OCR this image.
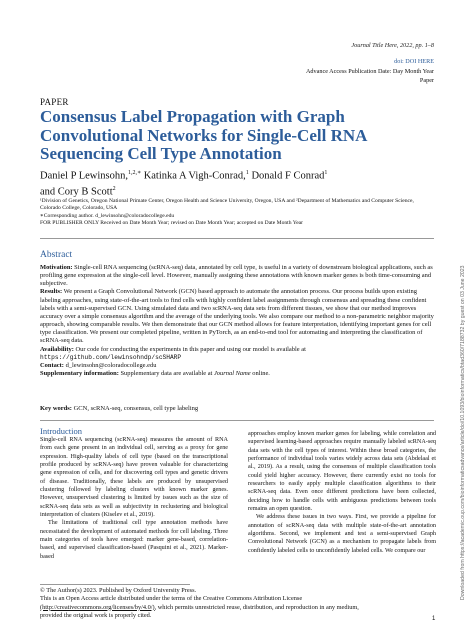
Journal Title Here, 2022, pp. 1–8
doi: DOI HERE
Advance Access Publication Date: Day Month Year
Paper
PAPER
Consensus Label Propagation with Graph Convolutional Networks for Single-Cell RNA Sequencing Cell Type Annotation
Daniel P Lewinsohn,$^{1,2,∗}$ Katinka A Vigh-Conrad,$^1$ Donald F Conrad$^1$
and Cory B Scott$^2$

¹Division of Genetics, Oregon National Primate Center, Oregon Health and Science University, Oregon, USA and ²Department of Mathematics and Computer Science, Colorado College, Colorado, USA

∗Corresponding author. d_lewinsohn@coloradocollege.edu

FOR PUBLISHER ONLY Received on Date Month Year; revised on Date Month Year; accepted on Date Month Year

Abstract

Motivation: Single-cell RNA sequencing (scRNA-seq) data, annotated by cell type, is useful in a variety of downstream biological applications, such as profiling gene expression at the single-cell level. However, manually assigning these annotations with known marker genes is both time-consuming and subjective.

Results: We present a Graph Convolutional Network (GCN) based approach to automate the annotation process. Our process builds upon existing labeling approaches, using state-of-the-art tools to find cells with highly confident label assignments through consensus and spreading these confident labels with a semi-supervised GCN. Using simulated data and two scRNA-seq data sets from different tissues, we show that our method improves accuracy over a simple consensus algorithm and the average of the underlying tools. We also compare our method to a non-parametric neighbor majority approach, showing comparable results. We then demonstrate that our GCN method allows for feature interpretation, identifying important genes for cell type classification. We present our completed pipeline, written in PyTorch, as an end-to-end tool for automating and interpreting the classification of scRNA-seq data.

Availability: Our code for conducting the experiments in this paper and using our model is available at https://github.com/lewinsohndp/scSHARP

Contact: d_lewinsohn@coloradocollege.edu

Supplementary information: Supplementary data are available at Journal Name online.

Key words: GCN, scRNA-seq, consensus, cell type labeling

Introduction

Single-cell RNA sequencing (scRNA-seq) measures the amount of RNA from each gene present in an individual cell, serving as a proxy for gene expression. High-quality labels of cell type (based on the transcriptional profile produced by scRNA-seq) have proven valuable for characterizing gene expression of cells, and for discovering cell types and genetic drivers of disease. Traditionally, these labels are produced by unsupervised clustering followed by labeling clusters with known marker genes. However, unsupervised clustering is limited by issues such as the size of scRNA-seq data sets as well as subjectivity in reclustering and biological interpretation of clusters (Kiselev et al., 2019).

The limitations of traditional cell type annotation methods have necessitated the development of automated methods for cell labeling. Three main categories of tools have emerged: marker gene-based, correlation-based, and supervised classification-based (Pasquini et al., 2021). Marker-based

approaches employ known marker genes for labeling, while correlation and supervised learning-based approaches require manually labeled scRNA-seq data sets with the cell types of interest. Within these broad categories, the performance of individual tools varies widely across data sets (Abdelaal et al., 2019). As a result, using the consensus of multiple classification tools could yield higher accuracy. However, there currently exist no tools for researchers to easily apply multiple classification algorithms to their scRNA-seq data. Even once different predictions have been collected, deciding how to handle cells with ambiguous predictions between tools remains an open question.

We address these issues in two ways. First, we provide a pipeline for annotation of scRNA-seq data with multiple state-of-the-art annotation algorithms. Second, we implement and test a semi-supervised Graph Convolutional Network (GCN) as a mechanism to propagate labels from confidently labeled cells to unconfidently labeled cells. We compare our

© The Author(s) 2023. Published by Oxford University Press.
This is an Open Access article distributed under the terms of the Creative Commons Attribution License
(http://creativecommons.org/licenses/by/4.0/), which permits unrestricted reuse, distribution, and reproduction in any medium,
provided the original work is properly cited.
1
Downloaded from https://academic.oup.com/bioinformaticsadvance/article/doi/10.1093/bioinformatics/btad360/7188732 by guest on 03 June 2023
